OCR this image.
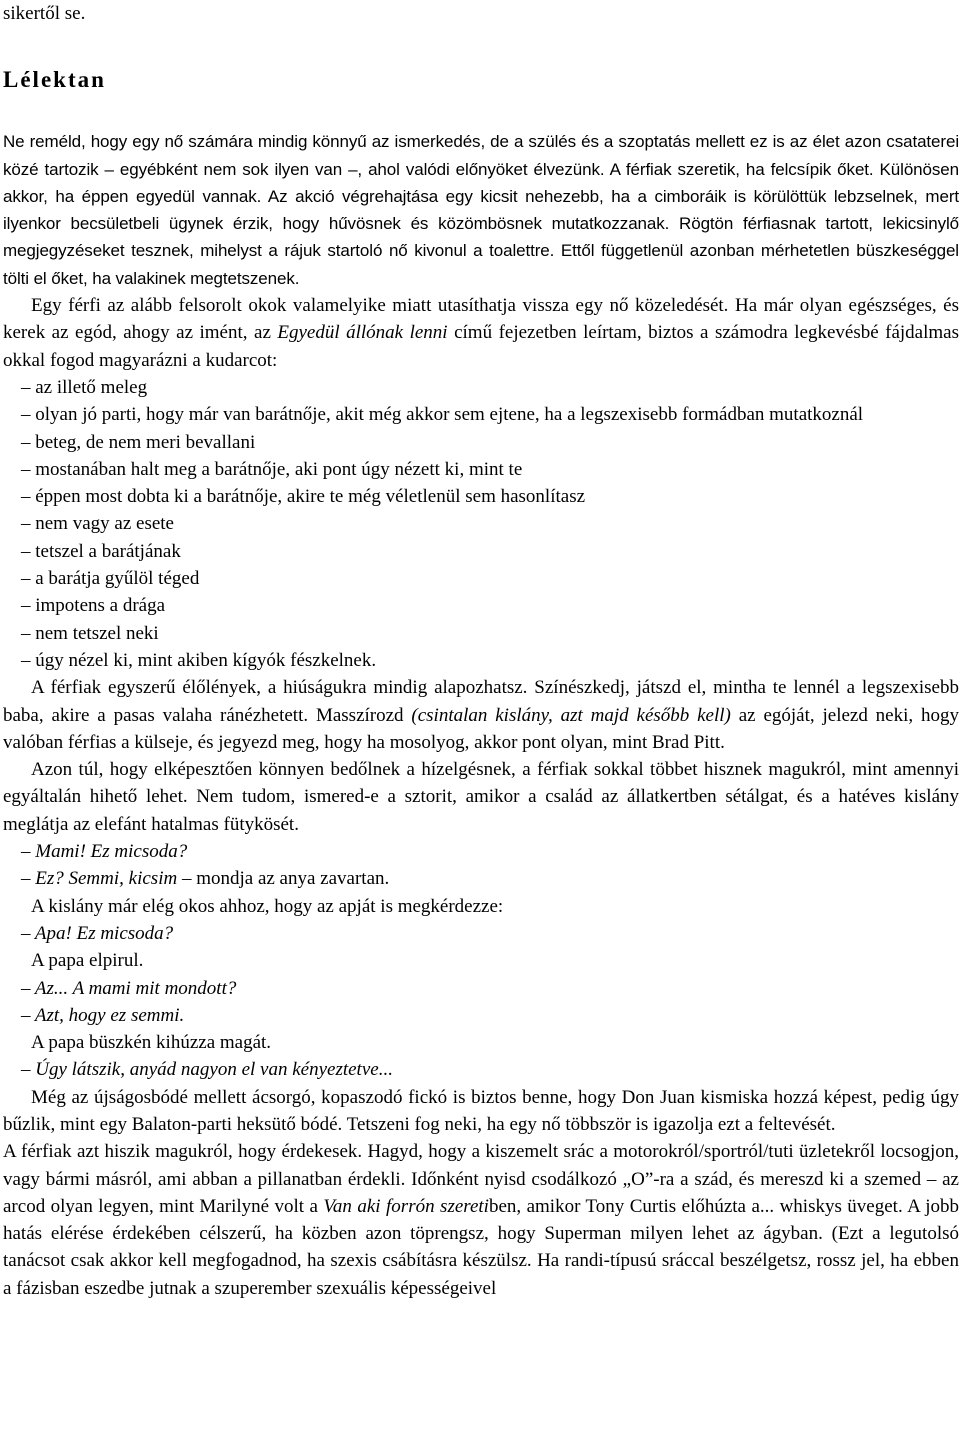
sikertől se.

Lélektan

Ne reméld, hogy egy nő számára mindig könnyű az ismerkedés, de a szülés és a szoptatás mellett ez is az élet azon csataterei közé tartozik – egyébként nem sok ilyen van –, ahol valódi előnyöket élvezünk. A férfiak szeretik, ha felcsípik őket. Különösen akkor, ha éppen egyedül vannak. Az akció végrehajtása egy kicsit nehezebb, ha a cimboráik is körülöttük lebzselnek, mert ilyenkor becsületbeli ügynek érzik, hogy hűvösnek és közömbösnek mutatkozzanak. Rögtön férfiasnak tartott, lekicsinylő megjegyzéseket tesznek, mihelyst a rájuk startoló nő kivonul a toalettre. Ettől függetlenül azonban mérhetetlen büszkeséggel tölti el őket, ha valakinek megtetszenek.

Egy férfi az alább felsorolt okok valamelyike miatt utasíthatja vissza egy nő közeledését. Ha már olyan egészséges, és kerek az egód, ahogy az imént, az Egyedül állónak lenni című fejezetben leírtam, biztos a számodra legkevésbé fájdalmas okkal fogod magyarázni a kudarcot:

– az illető meleg

– olyan jó parti, hogy már van barátnője, akit még akkor sem ejtene, ha a legszexisebb formádban mutatkoznál

– beteg, de nem meri bevallani

– mostanában halt meg a barátnője, aki pont úgy nézett ki, mint te

– éppen most dobta ki a barátnője, akire te még véletlenül sem hasonlítasz

– nem vagy az esete

– tetszel a barátjának

– a barátja gyűlöl téged

– impotens a drága

– nem tetszel neki

– úgy nézel ki, mint akiben kígyók fészkelnek.

A férfiak egyszerű élőlények, a hiúságukra mindig alapozhatsz. Színészkedj, játszd el, mintha te lennél a legszexisebb baba, akire a pasas valaha ránézhetett. Masszírozd (csintalan kislány, azt majd később kell) az egóját, jelezd neki, hogy valóban férfias a külseje, és jegyezd meg, hogy ha mosolyog, akkor pont olyan, mint Brad Pitt.

Azon túl, hogy elképesztően könnyen bedőlnek a hízelgésnek, a férfiak sokkal többet hisznek magukról, mint amennyi egyáltalán hihető lehet. Nem tudom, ismered-e a sztorit, amikor a család az állatkertben sétálgat, és a hatéves kislány meglátja az elefánt hatalmas fütykösét.

– Mami! Ez micsoda?

– Ez? Semmi, kicsim – mondja az anya zavartan.

A kislány már elég okos ahhoz, hogy az apját is megkérdezze:

– Apa! Ez micsoda?

A papa elpirul.

– Az... A mami mit mondott?

– Azt, hogy ez semmi.

A papa büszkén kihúzza magát.

– Úgy látszik, anyád nagyon el van kényeztetve...

Még az újságosbódé mellett ácsorgó, kopaszodó fickó is biztos benne, hogy Don Juan kismiska hozzá képest, pedig úgy bűzlik, mint egy Balaton-parti heksütő bódé. Tetszeni fog neki, ha egy nő többször is igazolja ezt a feltevését.

A férfiak azt hiszik magukról, hogy érdekesek. Hagyd, hogy a kiszemelt srác a motorokról/sportról/tuti üzletekről locsogjon, vagy bármi másról, ami abban a pillanatban érdekli. Időnként nyisd csodálkozó „O”-ra a szád, és mereszd ki a szemed – az arcod olyan legyen, mint Marilyné volt a Van aki forrón szeretiben, amikor Tony Curtis előhúzta a... whiskys üveget. A jobb hatás elérése érdekében célszerű, ha közben azon töprengsz, hogy Superman milyen lehet az ágyban. (Ezt a legutolsó tanácsot csak akkor kell megfogadnod, ha szexis csábításra készülsz. Ha randi-típusú sráccal beszélgetsz, rossz jel, ha ebben a fázisban eszedbe jutnak a szuperember szexuális képességeivel
